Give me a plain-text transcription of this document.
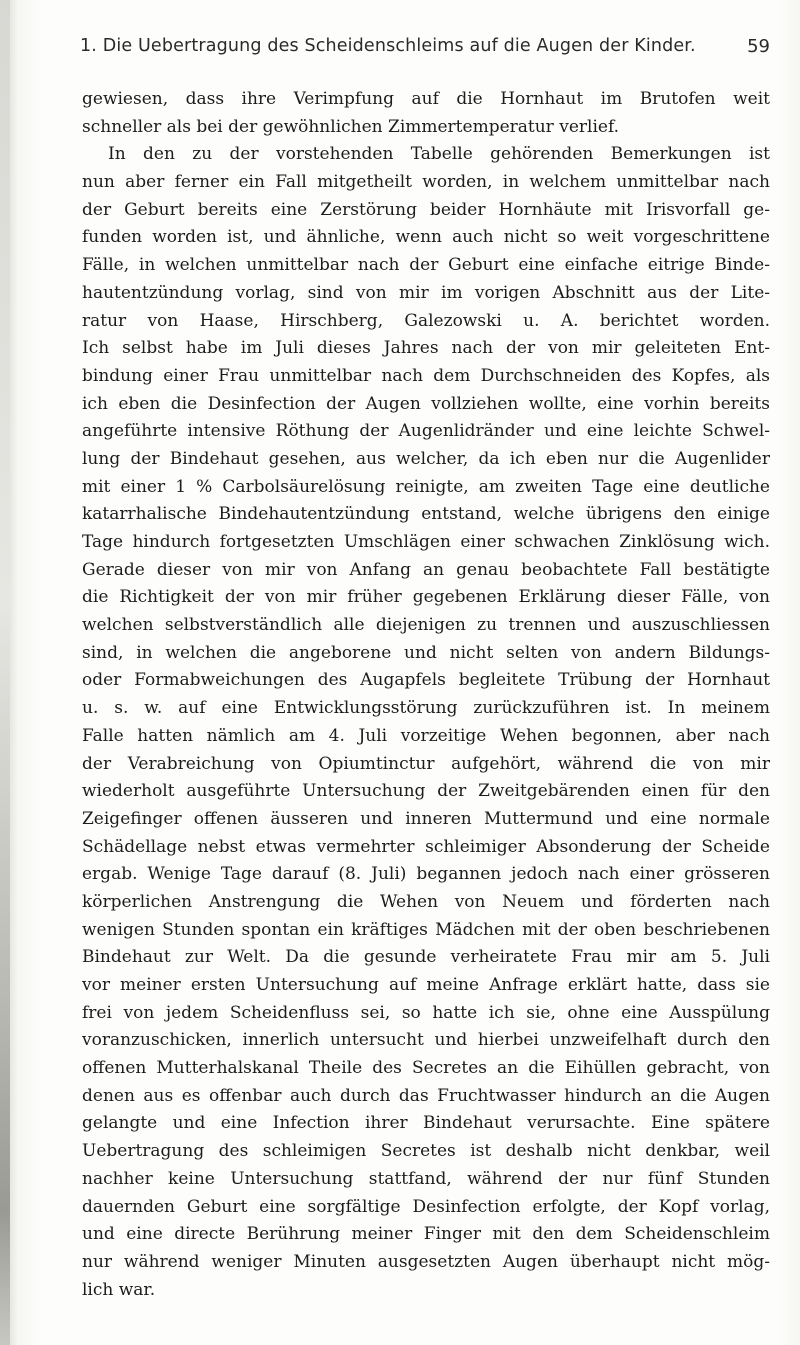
1. Die Uebertragung des Scheidenschleims auf die Augen der Kinder.	59
gewiesen, dass ihre Verimpfung auf die Hornhaut im Brutofen weit
schneller als bei der gewöhnlichen Zimmertemperatur verlief.
In den zu der vorstehenden Tabelle gehörenden Bemerkungen ist
nun aber ferner ein Fall mitgetheilt worden, in welchem unmittelbar nach
der Geburt bereits eine Zerstörung beider Hornhäute mit Irisvorfall ge-
funden worden ist, und ähnliche, wenn auch nicht so weit vorgeschrittene
Fälle, in welchen unmittelbar nach der Geburt eine einfache eitrige Binde-
hautentzündung vorlag, sind von mir im vorigen Abschnitt aus der Lite-
ratur von Haase, Hirschberg, Galezowski u. A. berichtet worden.
Ich selbst habe im Juli dieses Jahres nach der von mir geleiteten Ent-
bindung einer Frau unmittelbar nach dem Durchschneiden des Kopfes, als
ich eben die Desinfection der Augen vollziehen wollte, eine vorhin bereits
angeführte intensive Röthung der Augenlidränder und eine leichte Schwel-
lung der Bindehaut gesehen, aus welcher, da ich eben nur die Augenlider
mit einer 1 % Carbolsäurelösung reinigte, am zweiten Tage eine deutliche
katarrhalische Bindehautentzündung entstand, welche übrigens den einige
Tage hindurch fortgesetzten Umschlägen einer schwachen Zinklösung wich.
Gerade dieser von mir von Anfang an genau beobachtete Fall bestätigte
die Richtigkeit der von mir früher gegebenen Erklärung dieser Fälle, von
welchen selbstverständlich alle diejenigen zu trennen und auszuschliessen
sind, in welchen die angeborene und nicht selten von andern Bildungs-
oder Formabweichungen des Augapfels begleitete Trübung der Hornhaut
u. s. w. auf eine Entwicklungsstörung zurückzuführen ist. In meinem
Falle hatten nämlich am 4. Juli vorzeitige Wehen begonnen, aber nach
der Verabreichung von Opiumtinctur aufgehört, während die von mir
wiederholt ausgeführte Untersuchung der Zweitgebärenden einen für den
Zeigefinger offenen äusseren und inneren Muttermund und eine normale
Schädellage nebst etwas vermehrter schleimiger Absonderung der Scheide
ergab. Wenige Tage darauf (8. Juli) begannen jedoch nach einer grösseren
körperlichen Anstrengung die Wehen von Neuem und förderten nach
wenigen Stunden spontan ein kräftiges Mädchen mit der oben beschriebenen
Bindehaut zur Welt. Da die gesunde verheiratete Frau mir am 5. Juli
vor meiner ersten Untersuchung auf meine Anfrage erklärt hatte, dass sie
frei von jedem Scheidenfluss sei, so hatte ich sie, ohne eine Ausspülung
voranzuschicken, innerlich untersucht und hierbei unzweifelhaft durch den
offenen Mutterhalskanal Theile des Secretes an die Eihüllen gebracht, von
denen aus es offenbar auch durch das Fruchtwasser hindurch an die Augen
gelangte und eine Infection ihrer Bindehaut verursachte. Eine spätere
Uebertragung des schleimigen Secretes ist deshalb nicht denkbar, weil
nachher keine Untersuchung stattfand, während der nur fünf Stunden
dauernden Geburt eine sorgfältige Desinfection erfolgte, der Kopf vorlag,
und eine directe Berührung meiner Finger mit den dem Scheidenschleim
nur während weniger Minuten ausgesetzten Augen überhaupt nicht mög-
lich war.
